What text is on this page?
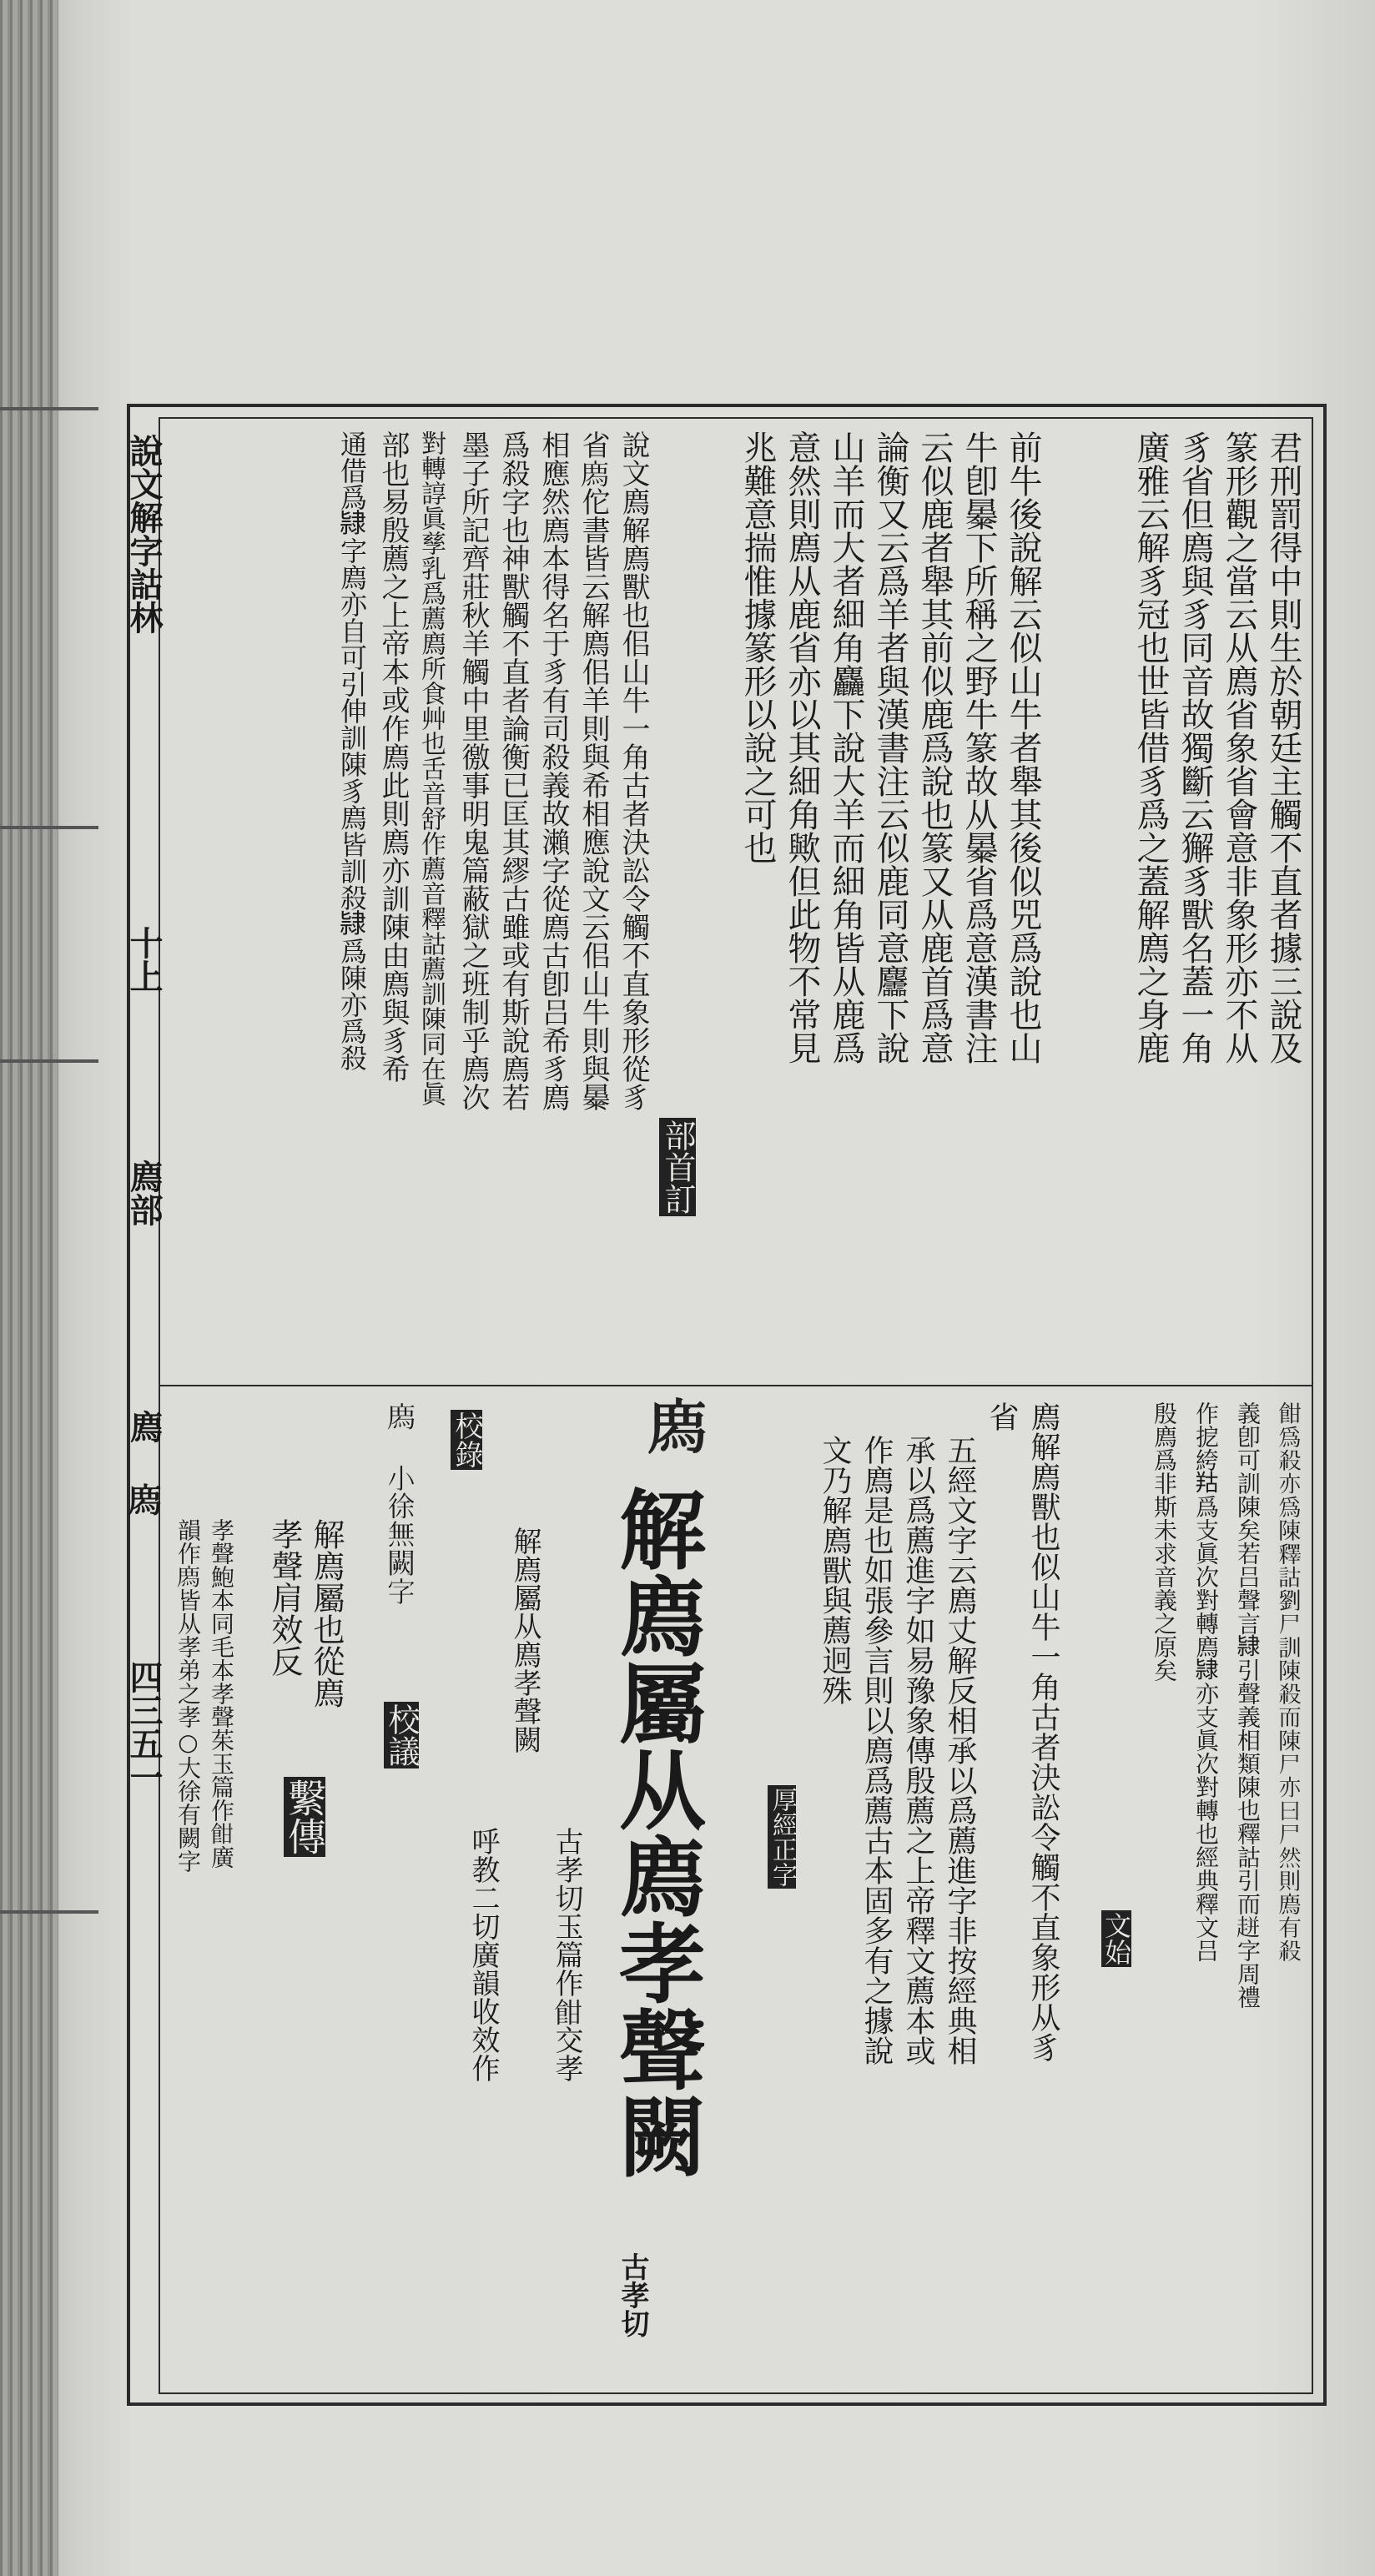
說文解字詁林
十上
廌部
廌 𢊁
四三五一
君刑罰得中則生於朝廷主觸不直者據三說及
篆形觀之當云从廌省象省會意非象形亦不从
豸省但廌與豸同音故獨斷云獬豸獸名蓋一角
廣雅云解豸冠也世皆借豸爲之蓋解廌之身鹿
前牛後說解云似山牛者舉其後似兕爲說也山
牛卽㬥下所稱之野牛篆故从㬥省爲意漢書注
云似鹿者舉其前似鹿爲說也篆又从鹿首爲意
論衡又云爲羊者與漢書注云似鹿同意麢下說
山羊而大者細角麤下說大羊而細角皆从鹿爲
意然則廌从鹿省亦以其細角歟但此物不常見
兆難意揣惟據篆形以說之可也
部首訂
說文廌解廌獸也佀山牛一角古者決訟令觸不直象形從豸
省𢊁佗書皆云解廌佀羊則與希相應說文云佀山牛則與㬥
相應然廌本得名于豸有司殺義故瀨字從廌古卽吕希豸廌
爲殺字也神獸觸不直者論衡已匡其繆古雖或有斯說廌若
墨子所記齊莊秋羊觸中里徼事明鬼篇蔽獄之班制乎廌次
對轉諄眞孳乳爲薦廌所食艸也舌音舒作薦音釋詁薦訓陳同在眞
部也易殷薦之上帝本或作廌此則廌亦訓陳由廌與豸希
通借爲𨽻字廌亦自可引伸訓陳豸廌皆訓殺𨽻爲陳亦爲殺
𩚵爲殺亦爲陳釋詁劉尸訓陳殺而陳尸亦曰尸然則廌有殺
義卽可訓陳矣若吕聲言𨽻引聲義相類陳也釋詁引而𧻓字周禮
作㧖絝𦍩爲支眞次對轉廌𨽻亦支眞次對轉也經典釋文吕
殷廌爲非斯未求音義之原矣
文始
廌解廌獸也似山牛一角古者決訟令觸不直象形从豸
省
五經文字云廌丈解反相承以爲薦進字非按經典相
承以爲薦進字如易豫象傳殷薦之上帝釋文薦本或
作廌是也如張參言則以廌爲薦古本固多有之據說
文乃解廌獸與薦迥殊
厚經正字
𢊁
解廌屬从廌孝聲闕
古孝切
古孝切玉篇作𩚵交孝
解廌屬从廌孝聲闕
呼教二切廣韻收效作
校錄
𢊁 小徐無闕字
校議
解廌屬也從廌
孝聲肩效反
繫傳
孝聲鮑本同毛本孝聲茱玉篇作𩚵廣
韻作𢊁皆从孝弟之孝○大徐有闕字
